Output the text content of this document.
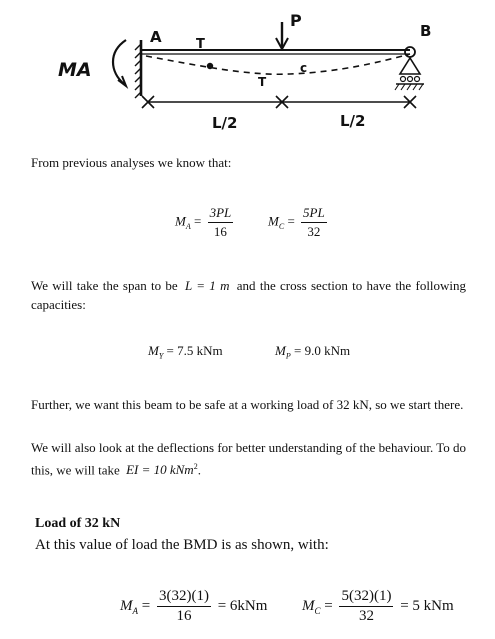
MA
A	T
T
c
P
B
L/2	L/2
From previous analyses we know that:
$M_A = \frac{3PL}{16}$	$M_C = \frac{5PL}{32}$
We will take the span to be L = 1 m and the cross section to have the following capacities:
$M_Y = 7.5$ kNm	$M_P = 9.0$ kNm
Further, we want this beam to be safe at a working load of 32 kN, so we start there.
We will also look at the deflections for better understanding of the behaviour. To do this, we will take EI = 10 kNm$^2$.
Load of 32 kN
At this value of load the BMD is as shown, with:
$M_A = \frac{3(32)(1)}{16} = 6kNm$ $M_C = \frac{5(32)(1)}{32} = 5$ kNm
